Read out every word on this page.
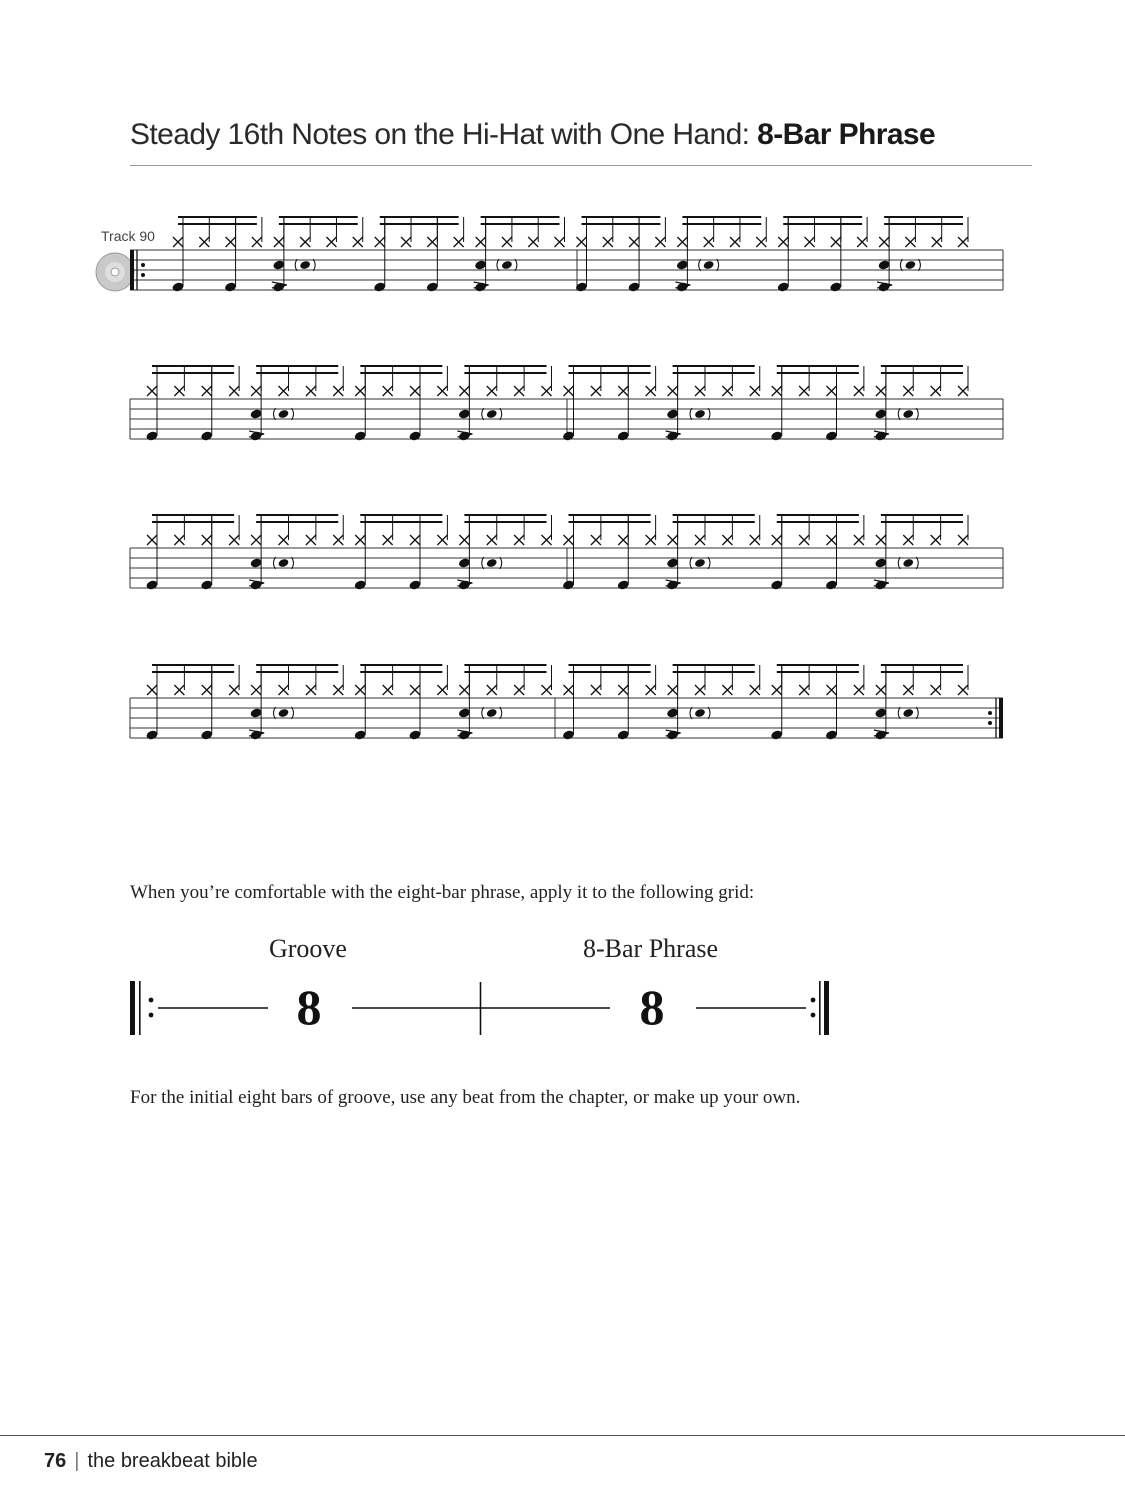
Steady 16th Notes on the Hi-Hat with One Hand: 8-Bar Phrase
Track 90
When you’re comfortable with the eight-bar phrase, apply it to the following grid:
Groove	8-Bar Phrase
8	8
For the initial eight bars of groove, use any beat from the chapter, or make up your own.
76 | the breakbeat bible
